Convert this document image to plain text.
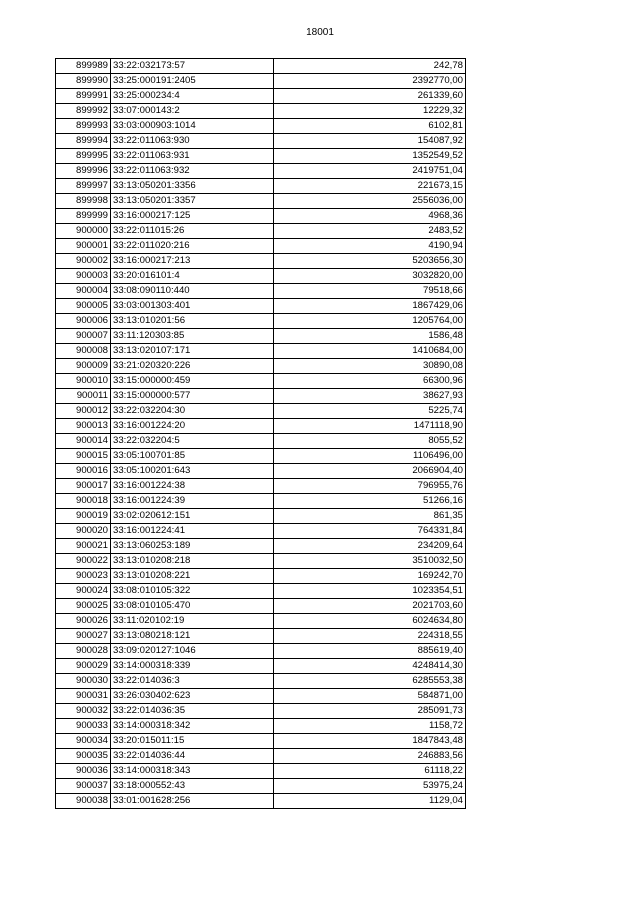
18001
899989	33:22:032173:57	242,78
899990	33:25:000191:2405	2392770,00
899991	33:25:000234:4	261339,60
899992	33:07:000143:2	12229,32
899993	33:03:000903:1014	6102,81
899994	33:22:011063:930	154087,92
899995	33:22:011063:931	1352549,52
899996	33:22:011063:932	2419751,04
899997	33:13:050201:3356	221673,15
899998	33:13:050201:3357	2556036,00
899999	33:16:000217:125	4968,36
900000	33:22:011015:26	2483,52
900001	33:22:011020:216	4190,94
900002	33:16:000217:213	5203656,30
900003	33:20:016101:4	3032820,00
900004	33:08:090110:440	79518,66
900005	33:03:001303:401	1867429,06
900006	33:13:010201:56	1205764,00
900007	33:11:120303:85	1586,48
900008	33:13:020107:171	1410684,00
900009	33:21:020320:226	30890,08
900010	33:15:000000:459	66300,96
900011	33:15:000000:577	38627,93
900012	33:22:032204:30	5225,74
900013	33:16:001224:20	1471118,90
900014	33:22:032204:5	8055,52
900015	33:05:100701:85	1106496,00
900016	33:05:100201:643	2066904,40
900017	33:16:001224:38	796955,76
900018	33:16:001224:39	51266,16
900019	33:02:020612:151	861,35
900020	33:16:001224:41	764331,84
900021	33:13:060253:189	234209,64
900022	33:13:010208:218	3510032,50
900023	33:13:010208:221	169242,70
900024	33:08:010105:322	1023354,51
900025	33:08:010105:470	2021703,60
900026	33:11:020102:19	6024634,80
900027	33:13:080218:121	224318,55
900028	33:09:020127:1046	885619,40
900029	33:14:000318:339	4248414,30
900030	33:22:014036:3	6285553,38
900031	33:26:030402:623	584871,00
900032	33:22:014036:35	285091,73
900033	33:14:000318:342	1158,72
900034	33:20:015011:15	1847843,48
900035	33:22:014036:44	246883,56
900036	33:14:000318:343	61118,22
900037	33:18:000552:43	53975,24
900038	33:01:001628:256	1129,04
